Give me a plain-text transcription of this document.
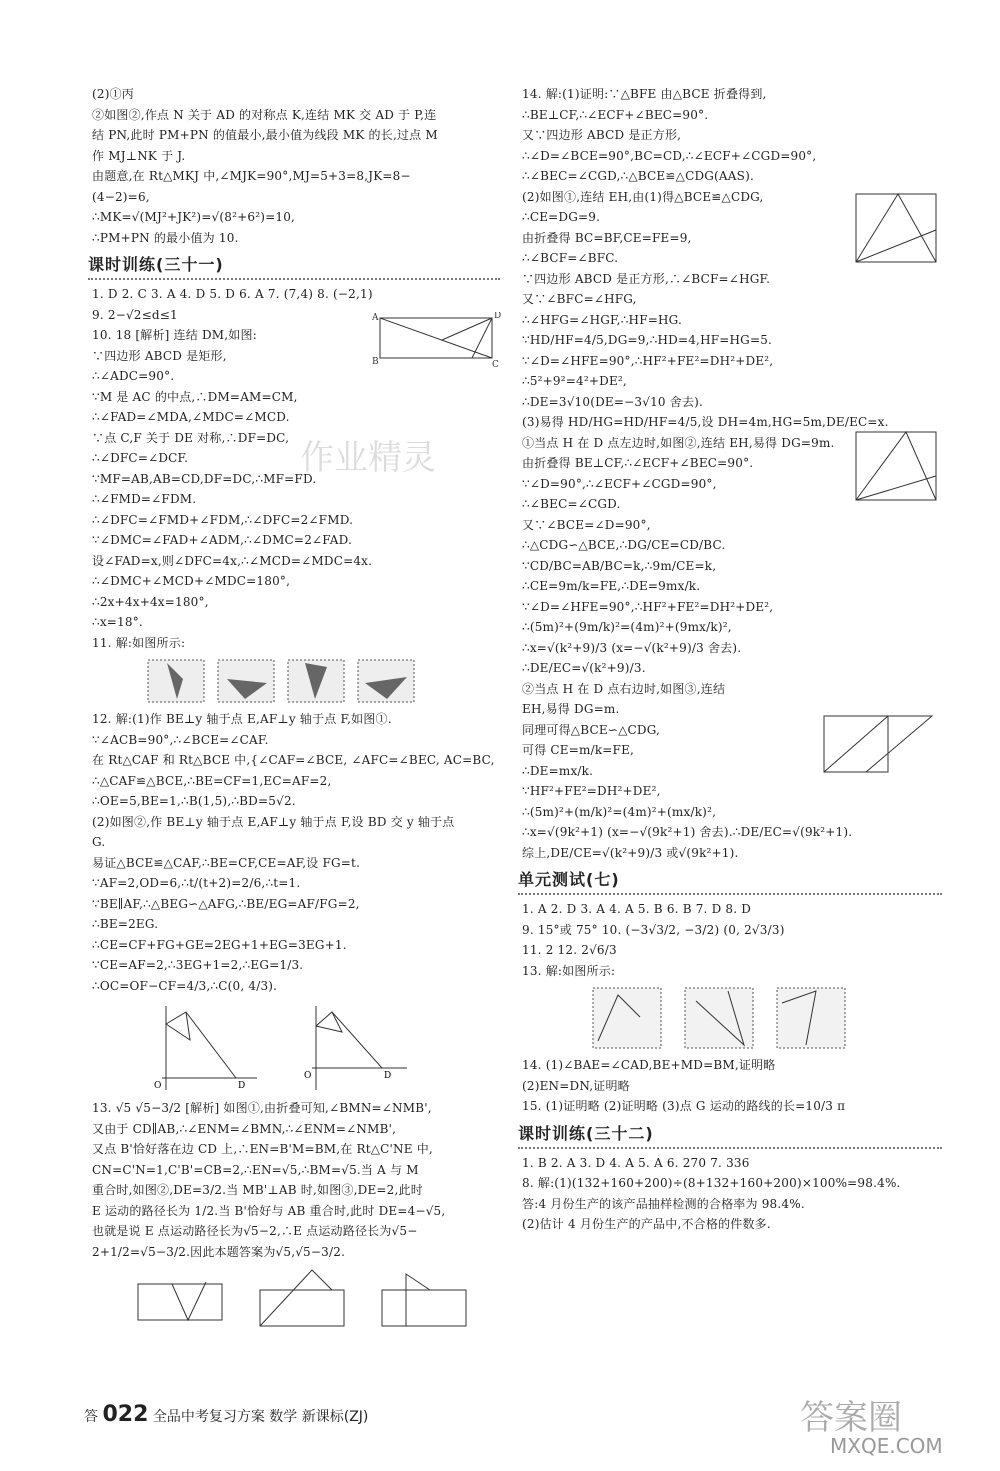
(2)①丙
②如图②,作点 N 关于 AD 的对称点 K,连结 MK 交 AD 于 P,连
结 PN,此时 PM+PN 的值最小,最小值为线段 MK 的长,过点 M
作 MJ⊥NK 于 J.
由题意,在 Rt△MKJ 中,∠MJK=90°,MJ=5+3=8,JK=8−
(4−2)=6,
∴MK=√(MJ²+JK²)=√(8²+6²)=10,
∴PM+PN 的最小值为 10.
课时训练(三十一)
1. D 2. C 3. A 4. D 5. D 6. A 7. (7,4) 8. (−2,1)
9. 2−√2≤d≤1
10. 18 [解析] 连结 DM,如图:
∵四边形 ABCD 是矩形,
∴∠ADC=90°.
∵M 是 AC 的中点,∴DM=AM=CM,
∴∠FAD=∠MDA,∠MDC=∠MCD.
∵点 C,F 关于 DE 对称,∴DF=DC,
∴∠DFC=∠DCF.
∵MF=AB,AB=CD,DF=DC,∴MF=FD.
∴∠FMD=∠FDM.
∴∠DFC=∠FMD+∠FDM,∴∠DFC=2∠FMD.
∵∠DMC=∠FAD+∠ADM,∴∠DMC=2∠FAD.
设∠FAD=x,则∠DFC=4x,∴∠MCD=∠MDC=4x.
∴∠DMC+∠MCD+∠MDC=180°,
∴2x+4x+4x=180°,
∴x=18°.
11. 解:如图所示:
A	D
B	C
12. 解:(1)作 BE⊥y 轴于点 E,AF⊥y 轴于点 F,如图①.
∵∠ACB=90°,∴∠BCE=∠CAF.
在 Rt△CAF 和 Rt△BCE 中,{∠CAF=∠BCE, ∠AFC=∠BEC, AC=BC,
∴△CAF≌△BCE,∴BE=CF=1,EC=AF=2,
∴OE=5,BE=1,∴B(1,5),∴BD=5√2.
(2)如图②,作 BE⊥y 轴于点 E,AF⊥y 轴于点 F,设 BD 交 y 轴于点
G.
易证△BCE≌△CAF,∴BE=CF,CE=AF,设 FG=t.
∵AF=2,OD=6,∴t/(t+2)=2/6,∴t=1.
∵BE∥AF,∴△BEG∽△AFG,∴BE/EG=AF/FG=2,
∴BE=2EG.
∴CE=CF+FG+GE=2EG+1+EG=3EG+1.
∵CE=AF=2,∴3EG+1=2,∴EG=1/3.
∴OC=OF−CF=4/3,∴C(0, 4/3).
O	D
O	D
13. √5 √5−3/2 [解析] 如图①,由折叠可知,∠BMN=∠NMB',
又由于 CD∥AB,∴∠ENM=∠BMN,∴∠ENM=∠NMB',
又点 B'恰好落在边 CD 上,∴EN=B'M=BM,在 Rt△C'NE 中,
CN=C'N=1,C'B'=CB=2,∴EN=√5,∴BM=√5.当 A 与 M
重合时,如图②,DE=3/2.当 MB'⊥AB 时,如图③,DE=2,此时
E 运动的路径长为 1/2.当 B'恰好与 AB 重合时,此时 DE=4−√5,
也就是说 E 点运动路径长为√5−2,∴E 点运动路径长为√5−
2+1/2=√5−3/2.因此本题答案为√5,√5−3/2.
14. 解:(1)证明:∵△BFE 由△BCE 折叠得到,
∴BE⊥CF,∴∠ECF+∠BEC=90°.
又∵四边形 ABCD 是正方形,
∴∠D=∠BCE=90°,BC=CD,∴∠ECF+∠CGD=90°,
∴∠BEC=∠CGD,∴△BCE≌△CDG(AAS).
(2)如图①,连结 EH,由(1)得△BCE≌△CDG,
∴CE=DG=9.
由折叠得 BC=BF,CE=FE=9,
∴∠BCF=∠BFC.
∵四边形 ABCD 是正方形,∴∠BCF=∠HGF.
又∵∠BFC=∠HFG,
∴∠HFG=∠HGF,∴HF=HG.
∵HD/HF=4/5,DG=9,∴HD=4,HF=HG=5.
∵∠D=∠HFE=90°,∴HF²+FE²=DH²+DE²,
∴5²+9²=4²+DE²,
∴DE=3√10(DE=−3√10 舍去).
(3)易得 HD/HG=HD/HF=4/5,设 DH=4m,HG=5m,DE/EC=x.
①当点 H 在 D 点左边时,如图②,连结 EH,易得 DG=9m.
由折叠得 BE⊥CF,∴∠ECF+∠BEC=90°.
∵∠D=90°,∴∠ECF+∠CGD=90°,
∴∠BEC=∠CGD.
又∵∠BCE=∠D=90°,
∴△CDG∽△BCE,∴DG/CE=CD/BC.
∵CD/BC=AB/BC=k,∴9m/CE=k,
∴CE=9m/k=FE,∴DE=9mx/k.
∵∠D=∠HFE=90°,∴HF²+FE²=DH²+DE²,
∴(5m)²+(9m/k)²=(4m)²+(9mx/k)²,
∴x=√(k²+9)/3 (x=−√(k²+9)/3 舍去).
∴DE/EC=√(k²+9)/3.
②当点 H 在 D 点右边时,如图③,连结
EH,易得 DG=m.
同理可得△BCE∽△CDG,
可得 CE=m/k=FE,
∴DE=mx/k.
∵HF²+FE²=DH²+DE²,
∴(5m)²+(m/k)²=(4m)²+(mx/k)²,
∴x=√(9k²+1) (x=−√(9k²+1) 舍去).∴DE/EC=√(9k²+1).
综上,DE/CE=√(k²+9)/3 或√(9k²+1).
单元测试(七)
1. A 2. D 3. A 4. A 5. B 6. B 7. D 8. D
9. 15°或 75° 10. (−3√3/2, −3/2) (0, 2√3/3)
11. 2 12. 2√6/3
13. 解:如图所示:
14. (1)∠BAE=∠CAD,BE+MD=BM,证明略
(2)EN=DN,证明略
15. (1)证明略 (2)证明略 (3)点 G 运动的路线的长=10/3 π
课时训练(三十二)
1. B 2. A 3. D 4. A 5. A 6. 270 7. 336
8. 解:(1)(132+160+200)÷(8+132+160+200)×100%=98.4%.
答:4 月份生产的该产品抽样检测的合格率为 98.4%.
(2)估计 4 月份生产的产品中,不合格的件数多.
答 022 全品中考复习方案 数学 新课标(ZJ)
作业精灵
答案圈
MXQE.COM
